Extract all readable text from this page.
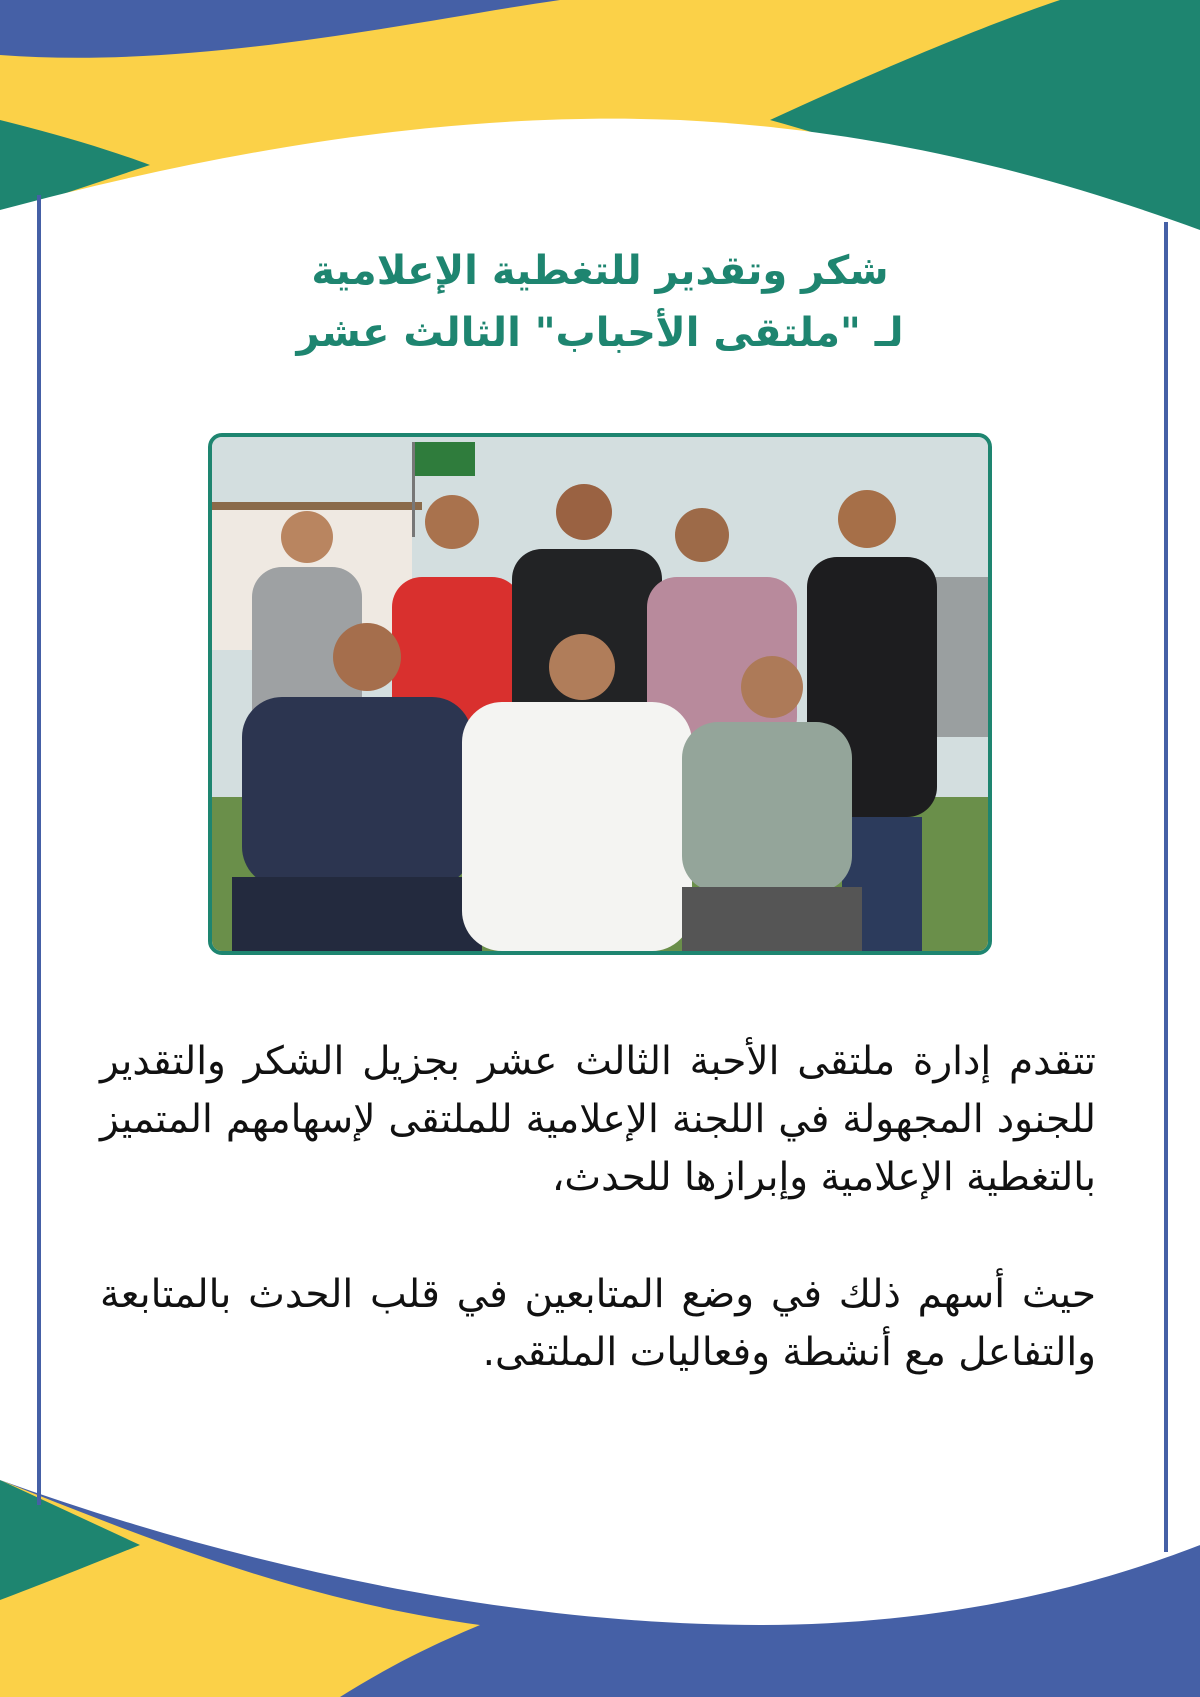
شكر وتقدير للتغطية الإعلامية
لـ "ملتقى الأحباب" الثالث عشر
تتقدم إدارة ملتقى الأحبة الثالث عشر بجزيل الشكر والتقدير للجنود المجهولة في اللجنة الإعلامية للملتقى لإسهامهم المتميز بالتغطية الإعلامية وإبرازها للحدث،
حيث أسهم ذلك في وضع المتابعين في قلب الحدث بالمتابعة والتفاعل مع أنشطة وفعاليات الملتقى.
